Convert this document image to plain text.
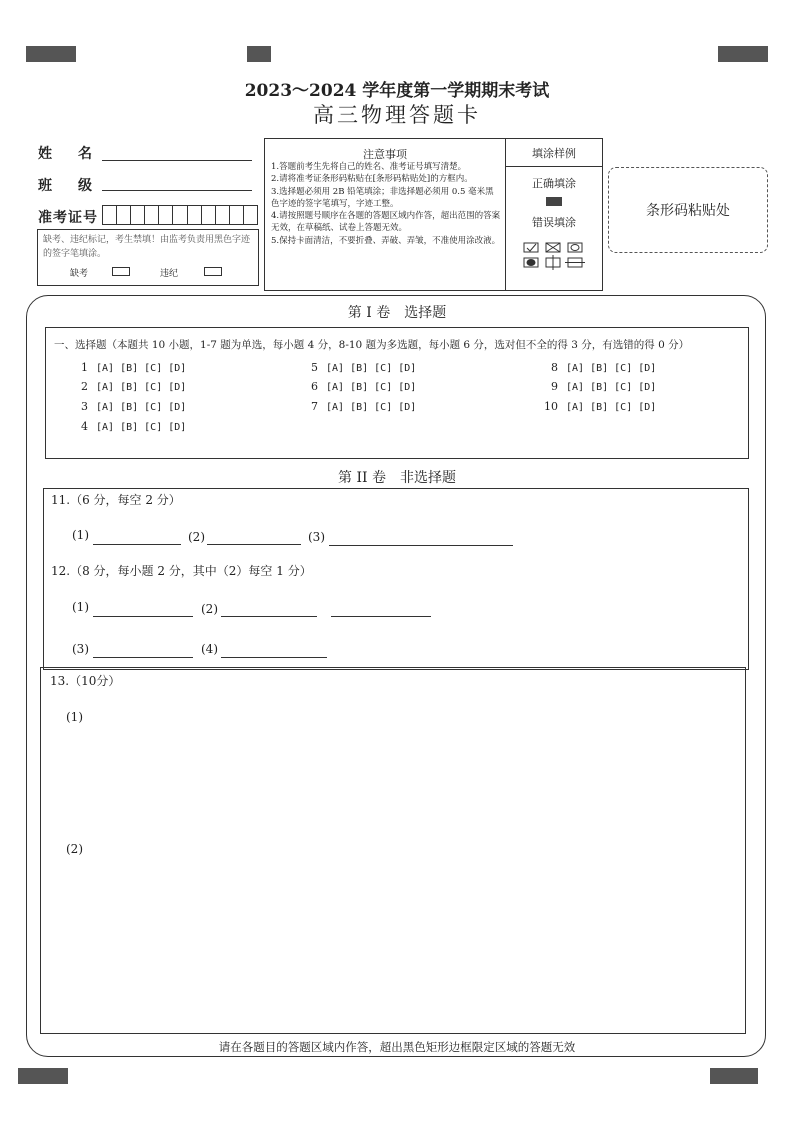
2023～2024 学年度第一学期期末考试
高三物理答题卡
姓　名
班　级
准考证号
缺考、违纪标记，考生禁填！由监考负责用黑色字迹的签字笔填涂。
缺考	违纪
注意事项
1.答题前考生先将自己的姓名、准考证号填写清楚。
2.请将准考证条形码粘贴在[条形码粘贴处]的方框内。
3.选择题必须用 2B 铅笔填涂；非选择题必须用 0.5 毫米黑色字迹的签字笔填写，字迹工整。
4.请按照题号顺序在各题的答题区域内作答，超出范围的答案无效，在草稿纸、试卷上答题无效。
5.保持卡面清洁，不要折叠、弄破、弄皱，不准使用涂改液。
填涂样例
正确填涂
错误填涂
条形码粘贴处
第 I 卷　选择题
一、选择题（本题共 10 小题，1-7 题为单选，每小题 4 分，8-10 题为多选题，每小题 6 分，选对但不全的得 3 分，有选错的得 0 分）
1 [A] [B] [C] [D]
2 [A] [B] [C] [D]
3 [A] [B] [C] [D]
4 [A] [B] [C] [D]
5 [A] [B] [C] [D]
6 [A] [B] [C] [D]
7 [A] [B] [C] [D]
8 [A] [B] [C] [D]
9 [A] [B] [C] [D]
10 [A] [B] [C] [D]
第 II 卷　非选择题
11.（6 分，每空 2 分）
(1)	(2)	(3)
12.（8 分，每小题 2 分，其中（2）每空 1 分）
(1)	(2)
(3)	(4)
13.（10分）
(1)
(2)
请在各题目的答题区域内作答，超出黑色矩形边框限定区域的答题无效
